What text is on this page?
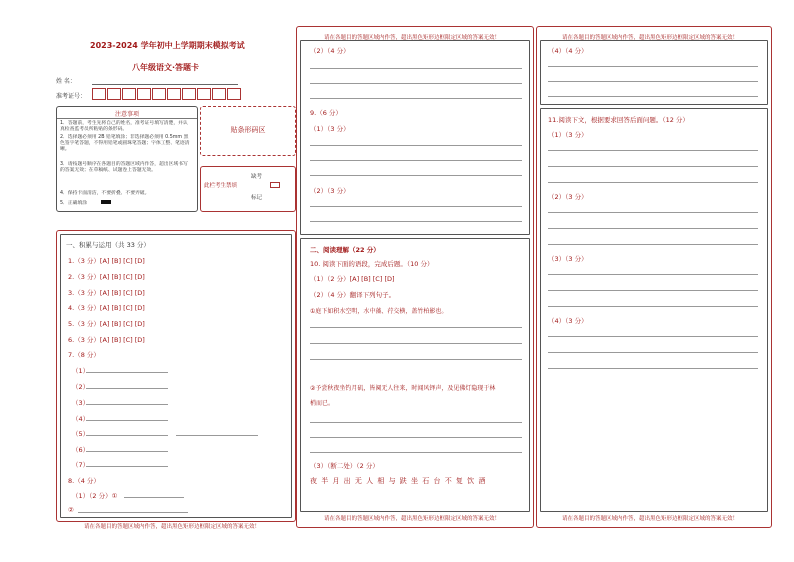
2023-2024 学年初中上学期期末模拟考试
八年级语文·答题卡
姓 名：
准考证号：
注意事项
1．答题前，考生先将自己的姓名，准考证号填写清楚，并认真检查监考员所粘贴的条形码。
2．选择题必须用 2B 铅笔填涂；非选择题必须用 0.5mm 黑色签字笔答题，不得用铅笔或圆珠笔答题；字体工整、笔迹清晰。
3．请按题号顺序在各题目的答题区域内作答，超出区域书写的答案无效；在草稿纸、试题卷上答题无效。
4．保持卡面清洁，不要折叠、不要弄破。
5．正确填涂
贴条形码区
此栏考生禁填
缺考
标记
一、积累与运用（共 33 分）
1.（3 分）[A] [B] [C] [D]
2.（3 分）[A] [B] [C] [D]
3.（3 分）[A] [B] [C] [D]
4.（3 分）[A] [B] [C] [D]
5.（3 分）[A] [B] [C] [D]
6.（3 分）[A] [B] [C] [D]
7.（8 分）
（1）
（2）
（3）
（4）
（5）
（6）
（7）
8.（4 分）
（1）（2 分）①
②
请在各题目的答题区域内作答，超出黑色矩形边框限定区域的答案无效！
请在各题目的答题区域内作答，超出黑色矩形边框限定区域的答案无效！
（2）（4 分）
9.（6 分）
（1）（3 分）
（2）（3 分）
二、阅读理解（22 分）
10. 阅读下面的语段，完成后题。（10 分）
（1）（2 分）[A] [B] [C] [D]
（2）（4 分）翻译下列句子。
①庭下如积水空明，水中藻、荇交横，盖竹柏影也。
②予尝秋夜坐钓月矶，皆阒无人往来，时闻风铎声，及见佛灯隐现于林
梢而已。
（3）（断二处）（2 分）
夜 半 月 出 无 人 相 与 趺 坐 石 台 不 复 饮 酒
请在各题目的答题区域内作答，超出黑色矩形边框限定区域的答案无效！
请在各题目的答题区域内作答，超出黑色矩形边框限定区域的答案无效！
（4）（4 分）
11.阅读下文，根据要求回答后面问题。（12 分）
（1）（3 分）
（2）（3 分）
（3）（3 分）
（4）（3 分）
请在各题目的答题区域内作答，超出黑色矩形边框限定区域的答案无效！
